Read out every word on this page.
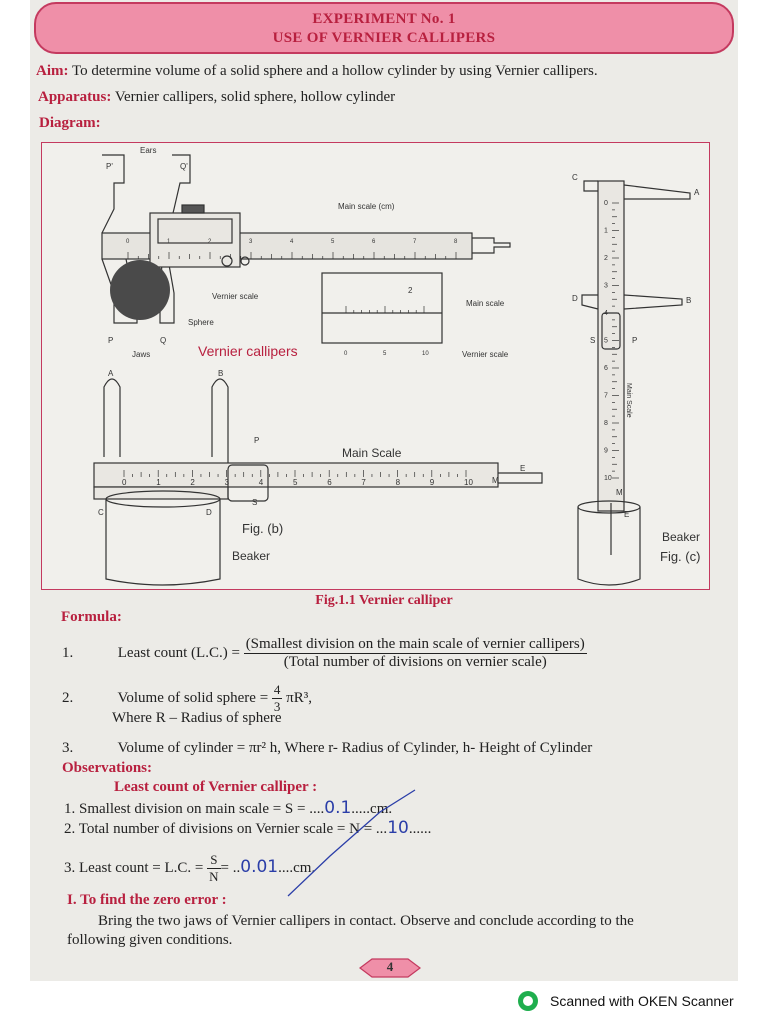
EXPERIMENT No. 1
USE OF VERNIER CALLIPERS
Aim: To determine volume of a solid sphere and a hollow cylinder by using Vernier callipers.
Apparatus: Vernier callipers, solid sphere, hollow cylinder
Diagram:
Ears
P'	Q'
Main scale (cm)
Vernier scale
Sphere
P	Q
Jaws
Main scale
Vernier scale
2
A	B
C	D
P
S
E
M
C
A
D	B
S	P
M
E
0	1	2	3	4	5	6	7	8
0	5	10
0	1	2	3	4	5	6	7	8	9	10
0
1
2
3
4
5
6
7
8
9
10
Main Scale
Vernier callipers
Main Scale
Fig. (b)
Beaker
Beaker
Fig. (c)
Fig.1.1 Vernier calliper
Formula:
1.	Least count $(L.C.) = \frac{\text{(Smallest division on the main scale of vernier callipers)}}{\text{(Total number of divisions on vernier scale)}}$
2.	Volume of solid sphere = $\frac{4}{3} \pi R^3$,
Where R – Radius of sphere
3.	Volume of cylinder = πr² h, Where r- Radius of Cylinder, h- Height of Cylinder
Observations:
Least count of Vernier calliper :
1. Smallest division on main scale = S = ....0.1.....cm.
2. Total number of divisions on Vernier scale = N = ...10......
3. Least count = L.C. = $\frac{S}{N} = ..0.01....cm$.
I. To find the zero error :
Bring the two jaws of Vernier callipers in contact. Observe and conclude according to the
following given conditions.
4
Scanned with OKEN Scanner
